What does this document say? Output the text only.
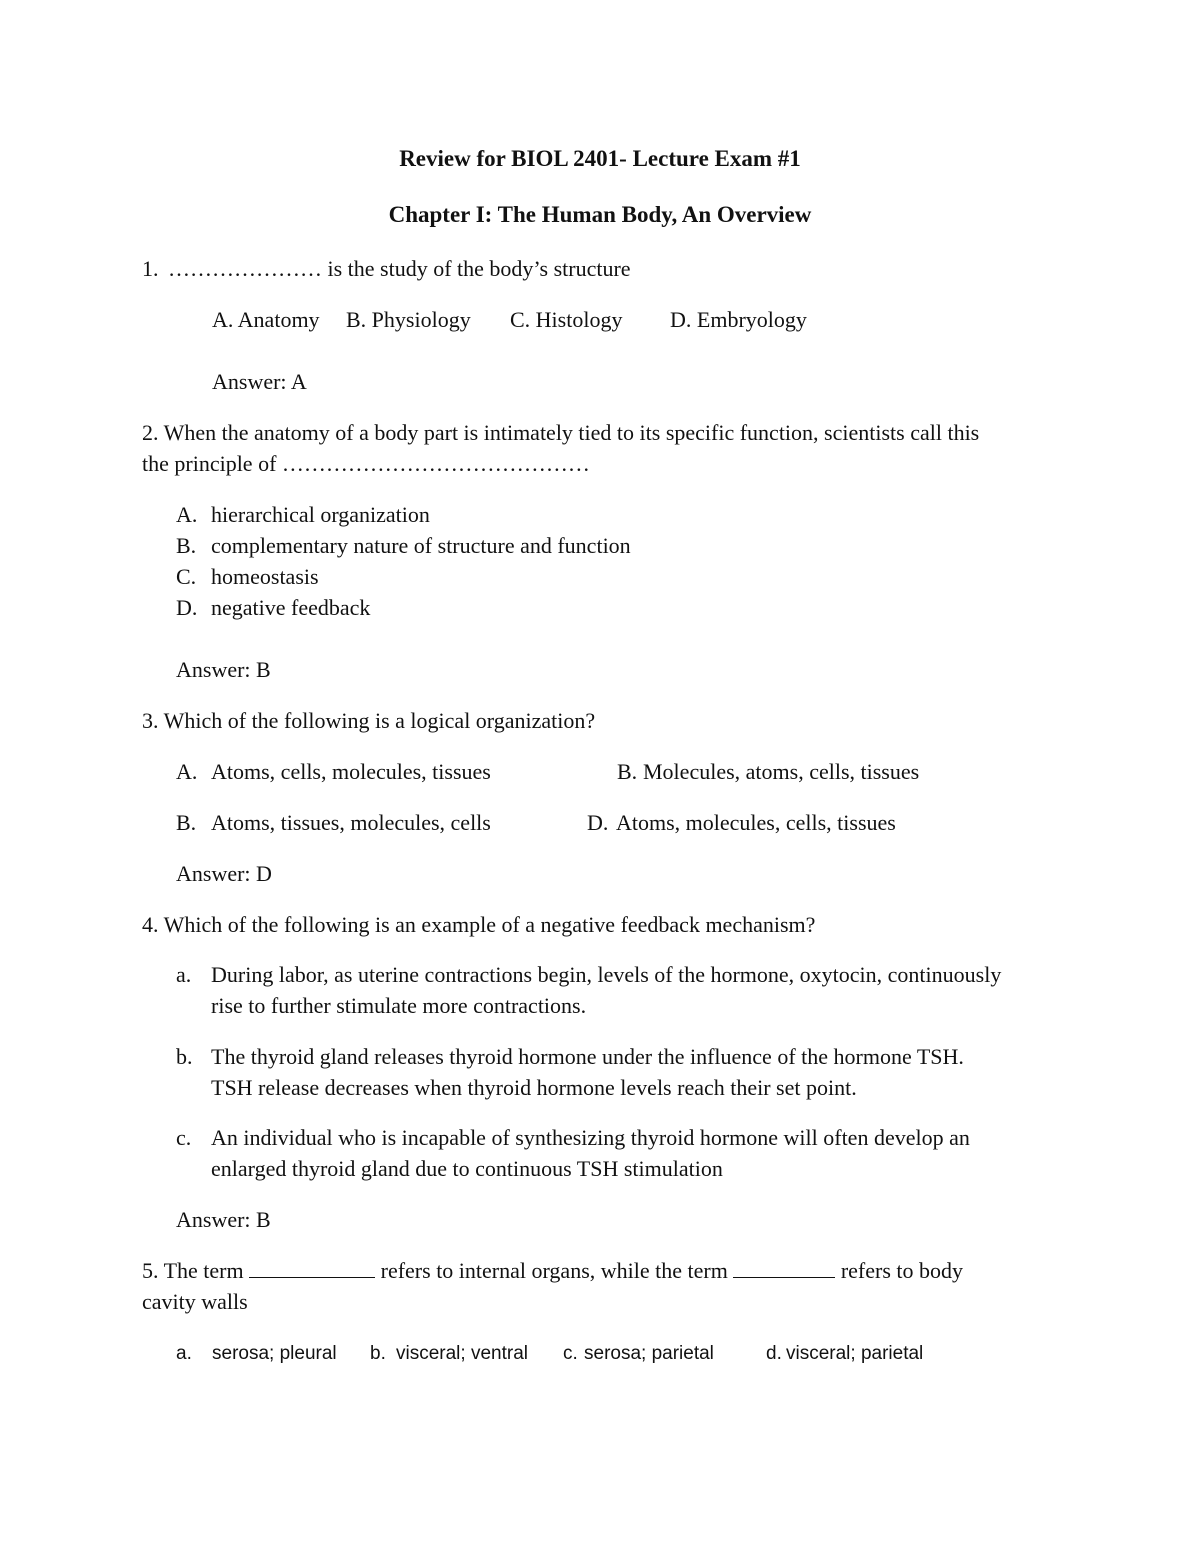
Review for BIOL 2401- Lecture Exam #1
Chapter I: The Human Body, An Overview
1. ………………… is the study of the body’s structure
A. Anatomy B. Physiology C. Histology D. Embryology
Answer: A
2. When the anatomy of a body part is intimately tied to its specific function, scientists call this
the principle of ……………………………………
A. hierarchical organization
B. complementary nature of structure and function
C. homeostasis
D. negative feedback
Answer: B
3. Which of the following is a logical organization?
A. Atoms, cells, molecules, tissues	B. Molecules, atoms, cells, tissues
B. Atoms, tissues, molecules, cells	D. Atoms, molecules, cells, tissues
Answer: D
4. Which of the following is an example of a negative feedback mechanism?
a. During labor, as uterine contractions begin, levels of the hormone, oxytocin, continuously
rise to further stimulate more contractions.
b. The thyroid gland releases thyroid hormone under the influence of the hormone TSH.
TSH release decreases when thyroid hormone levels reach their set point.
c. An individual who is incapable of synthesizing thyroid hormone will often develop an
enlarged thyroid gland due to continuous TSH stimulation
Answer: B
5. The term	refers to internal organs, while the term	refers to body
cavity walls
a. serosa; pleural b. visceral; ventral c. serosa; parietal	d. visceral; parietal
